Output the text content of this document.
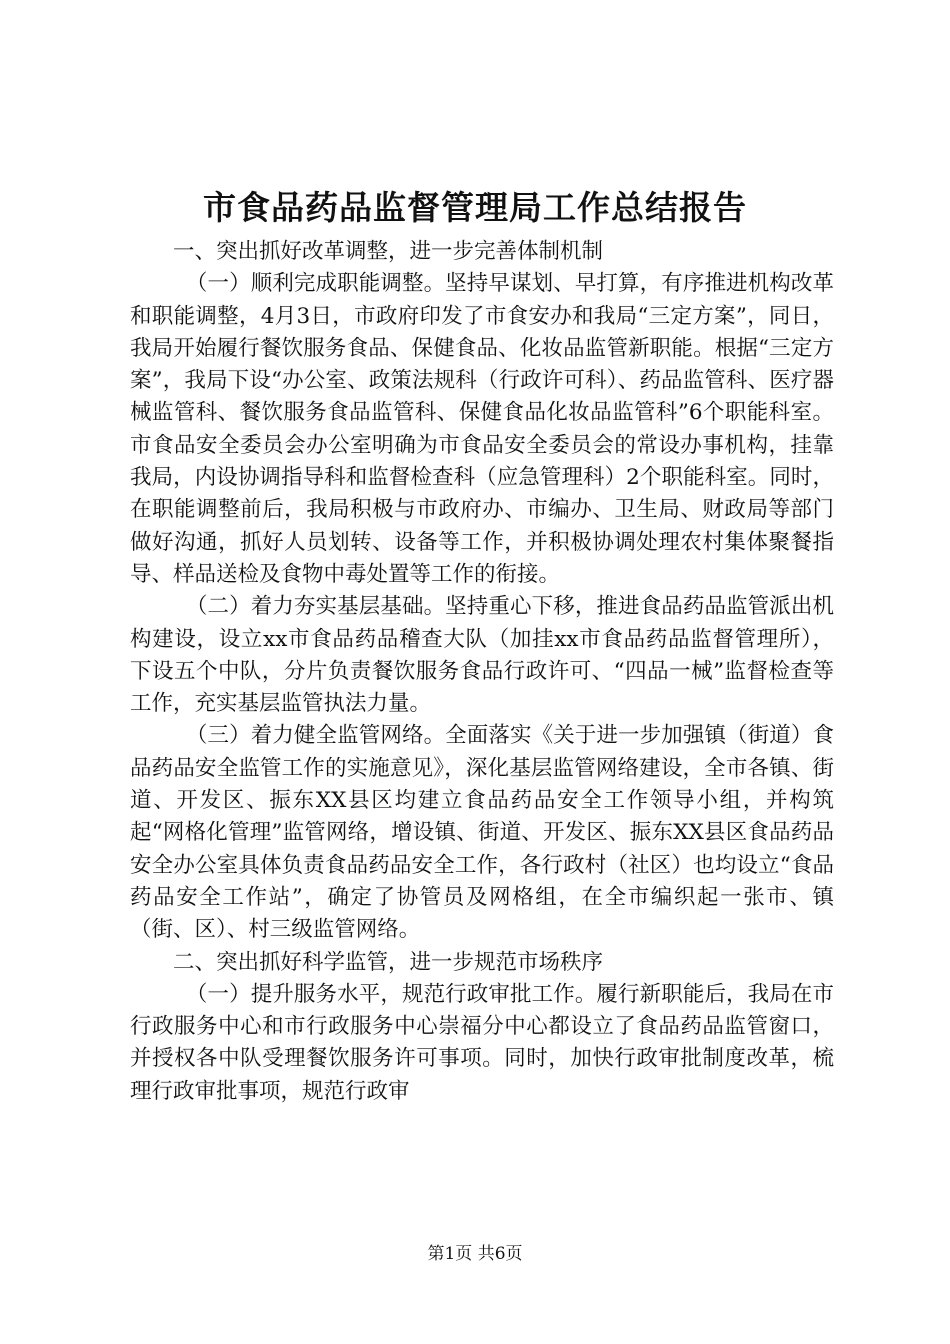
市食品药品监督管理局工作总结报告

一、突出抓好改革调整，进一步完善体制机制

（一）顺利完成职能调整。坚持早谋划、早打算，有序推进机构改革和职能调整，4月3日，市政府印发了市食安办和我局“三定方案”，同日，我局开始履行餐饮服务食品、保健食品、化妆品监管新职能。根据“三定方案”，我局下设“办公室、政策法规科（行政许可科）、药品监管科、医疗器械监管科、餐饮服务食品监管科、保健食品化妆品监管科”6个职能科室。市食品安全委员会办公室明确为市食品安全委员会的常设办事机构，挂靠我局，内设协调指导科和监督检查科（应急管理科）2个职能科室。同时，在职能调整前后，我局积极与市政府办、市编办、卫生局、财政局等部门做好沟通，抓好人员划转、设备等工作，并积极协调处理农村集体聚餐指导、样品送检及食物中毒处置等工作的衔接。

（二）着力夯实基层基础。坚持重心下移，推进食品药品监管派出机构建设，设立xx市食品药品稽查大队（加挂xx市食品药品监督管理所），下设五个中队，分片负责餐饮服务食品行政许可、“四品一械”监督检查等工作，充实基层监管执法力量。

（三）着力健全监管网络。全面落实《关于进一步加强镇（街道）食品药品安全监管工作的实施意见》，深化基层监管网络建设，全市各镇、街道、开发区、振东XX县区均建立食品药品安全工作领导小组，并构筑起“网格化管理”监管网络，增设镇、街道、开发区、振东XX县区食品药品安全办公室具体负责食品药品安全工作，各行政村（社区）也均设立“食品药品安全工作站”，确定了协管员及网格组，在全市编织起一张市、镇（街、区）、村三级监管网络。

二、突出抓好科学监管，进一步规范市场秩序

（一）提升服务水平，规范行政审批工作。履行新职能后，我局在市行政服务中心和市行政服务中心崇福分中心都设立了食品药品监管窗口，并授权各中队受理餐饮服务许可事项。同时，加快行政审批制度改革，梳理行政审批事项，规范行政审

第1页 共6页
